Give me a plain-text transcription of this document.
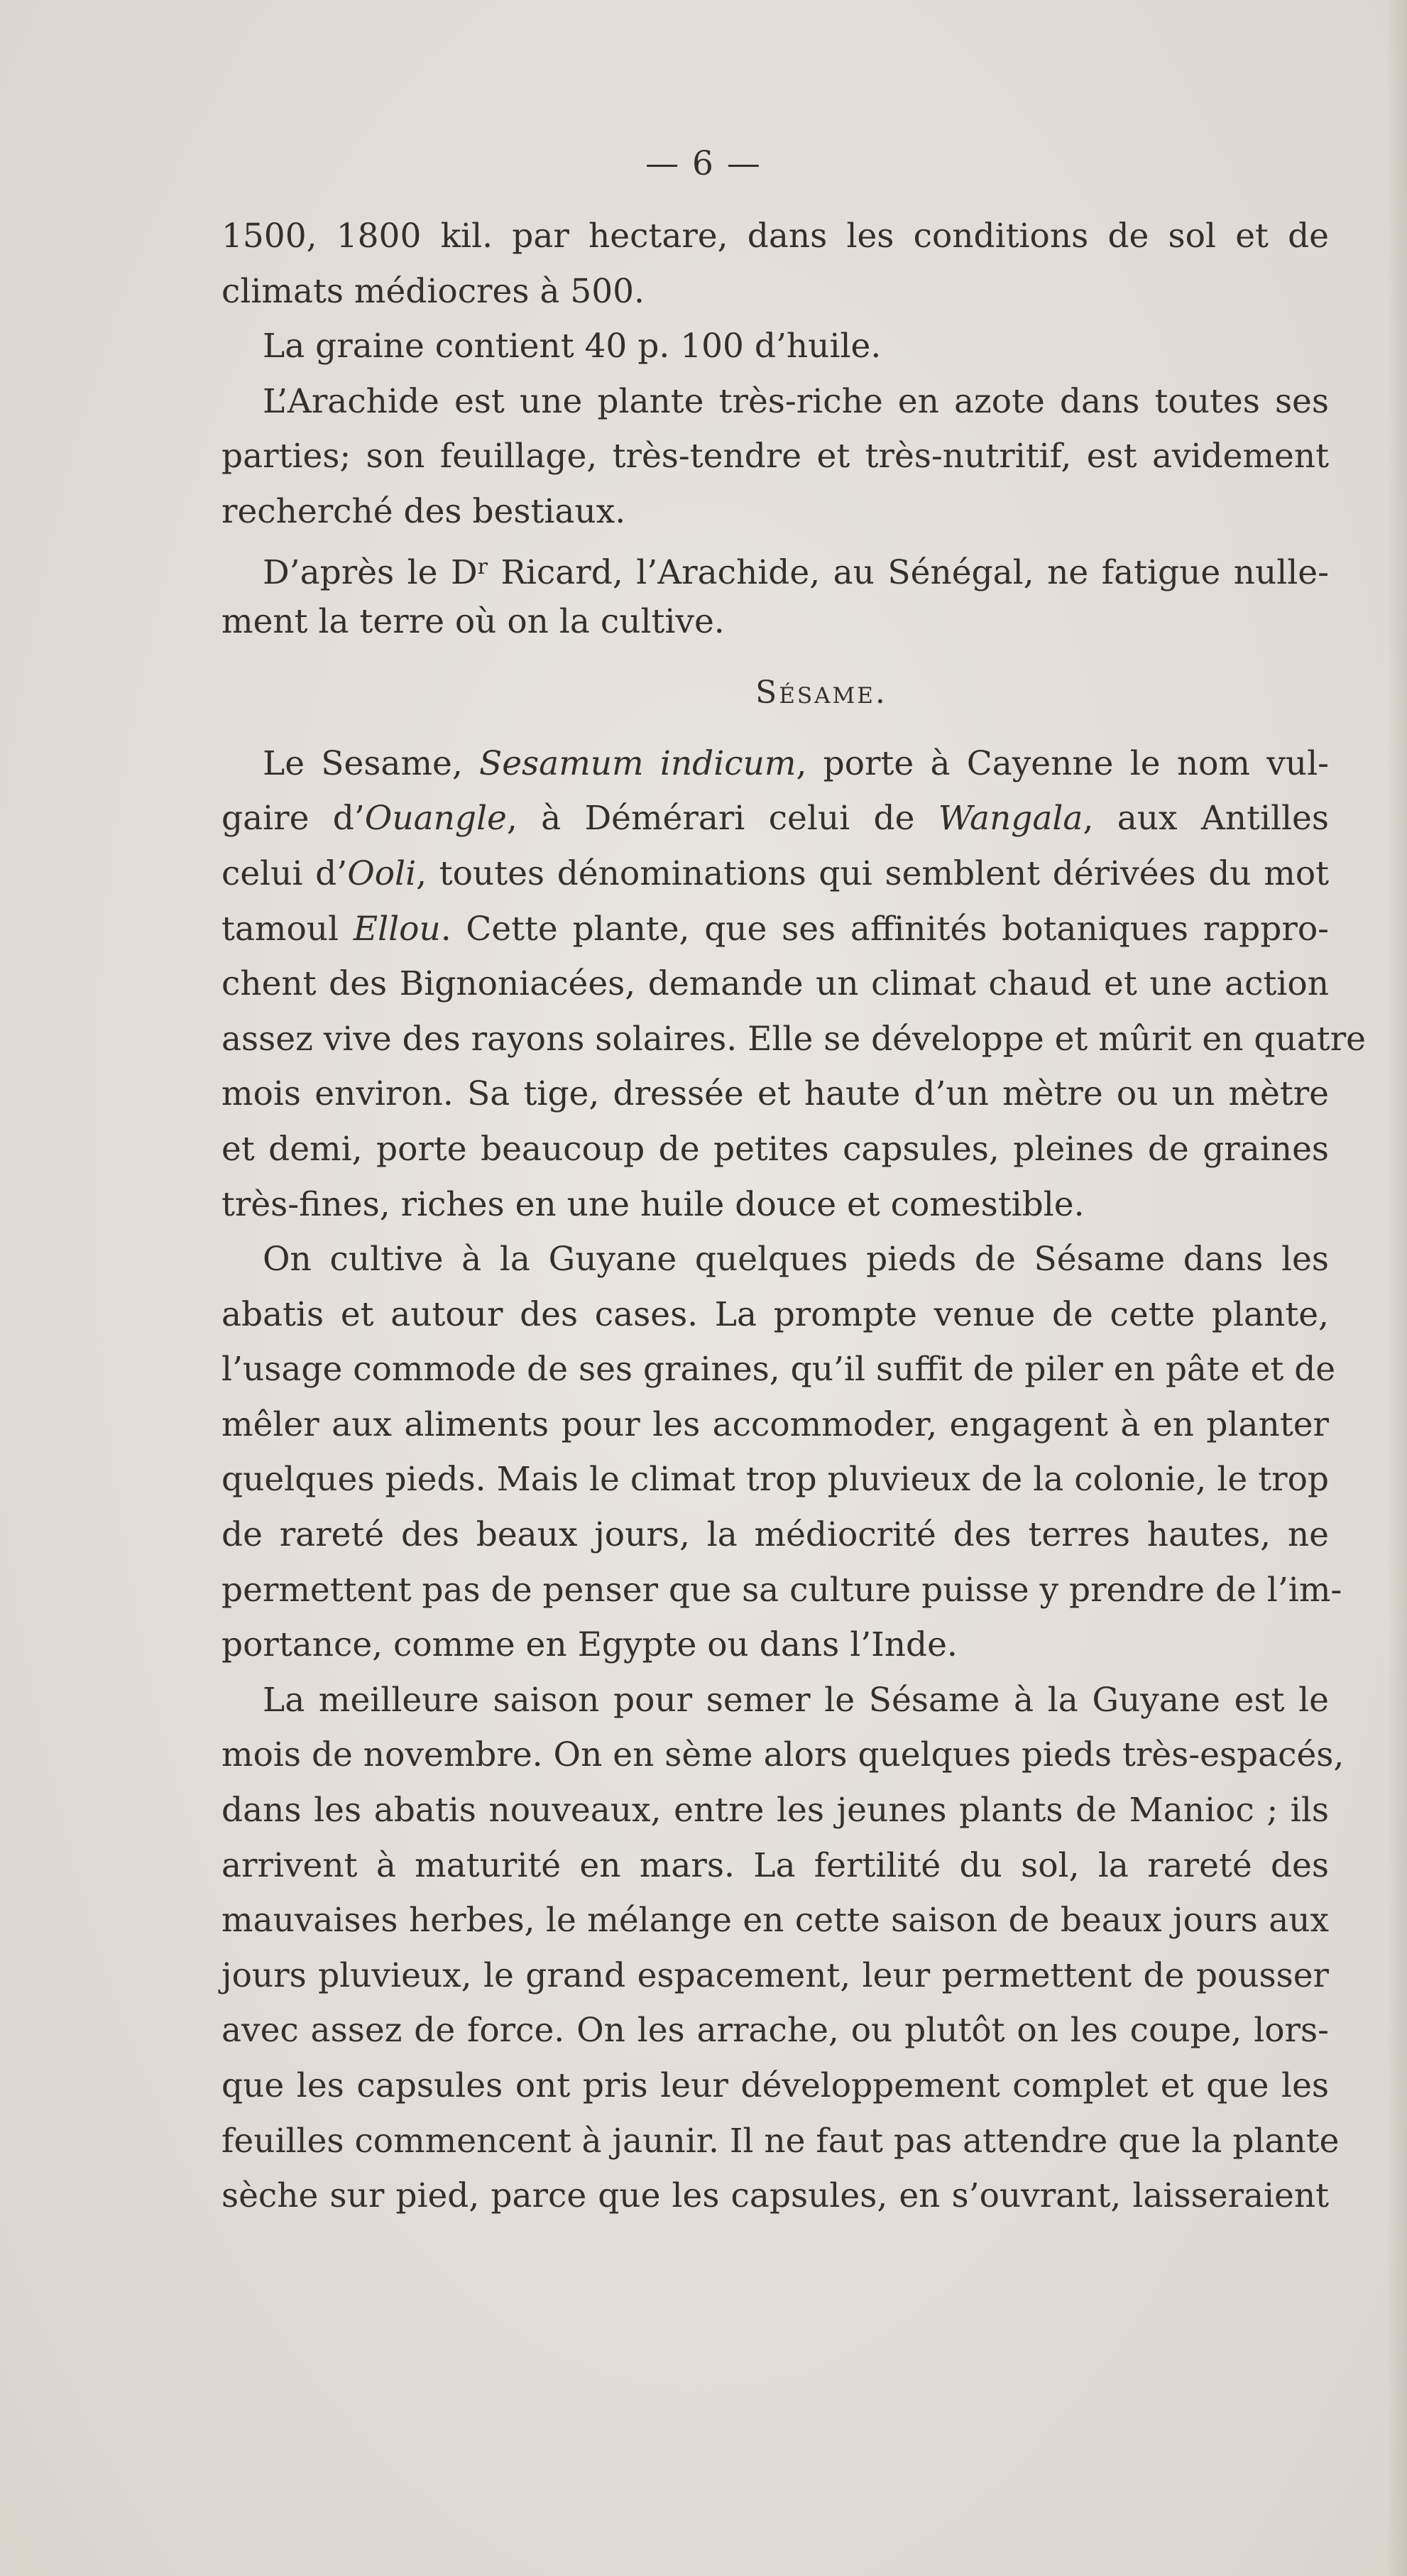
— 6 —
1500, 1800 kil. par hectare, dans les conditions de sol et de
climats médiocres à 500.
La graine contient 40 p. 100 d’huile.
L’Arachide est une plante très-riche en azote dans toutes ses
parties; son feuillage, très-tendre et très-nutritif, est avidement
recherché des bestiaux.
D’après le $D^r$ Ricard, l’Arachide, au Sénégal, ne fatigue nulle-
ment la terre où on la cultive.
Sésame.
Le Sesame, Sesamum indicum, porte à Cayenne le nom vul-
gaire d’Ouangle, à Démérari celui de Wangala, aux Antilles
celui d’Ooli, toutes dénominations qui semblent dérivées du mot
tamoul Ellou. Cette plante, que ses affinités botaniques rappro-
chent des Bignoniacées, demande un climat chaud et une action
assez vive des rayons solaires. Elle se développe et mûrit en quatre
mois environ. Sa tige, dressée et haute d’un mètre ou un mètre
et demi, porte beaucoup de petites capsules, pleines de graines
très-fines, riches en une huile douce et comestible.
On cultive à la Guyane quelques pieds de Sésame dans les
abatis et autour des cases. La prompte venue de cette plante,
l’usage commode de ses graines, qu’il suffit de piler en pâte et de
mêler aux aliments pour les accommoder, engagent à en planter
quelques pieds. Mais le climat trop pluvieux de la colonie, le trop
de rareté des beaux jours, la médiocrité des terres hautes, ne
permettent pas de penser que sa culture puisse y prendre de l’im-
portance, comme en Egypte ou dans l’Inde.
La meilleure saison pour semer le Sésame à la Guyane est le
mois de novembre. On en sème alors quelques pieds très-espacés,
dans les abatis nouveaux, entre les jeunes plants de Manioc ; ils
arrivent à maturité en mars. La fertilité du sol, la rareté des
mauvaises herbes, le mélange en cette saison de beaux jours aux
jours pluvieux, le grand espacement, leur permettent de pousser
avec assez de force. On les arrache, ou plutôt on les coupe, lors-
que les capsules ont pris leur développement complet et que les
feuilles commencent à jaunir. Il ne faut pas attendre que la plante
sèche sur pied, parce que les capsules, en s’ouvrant, laisseraient
